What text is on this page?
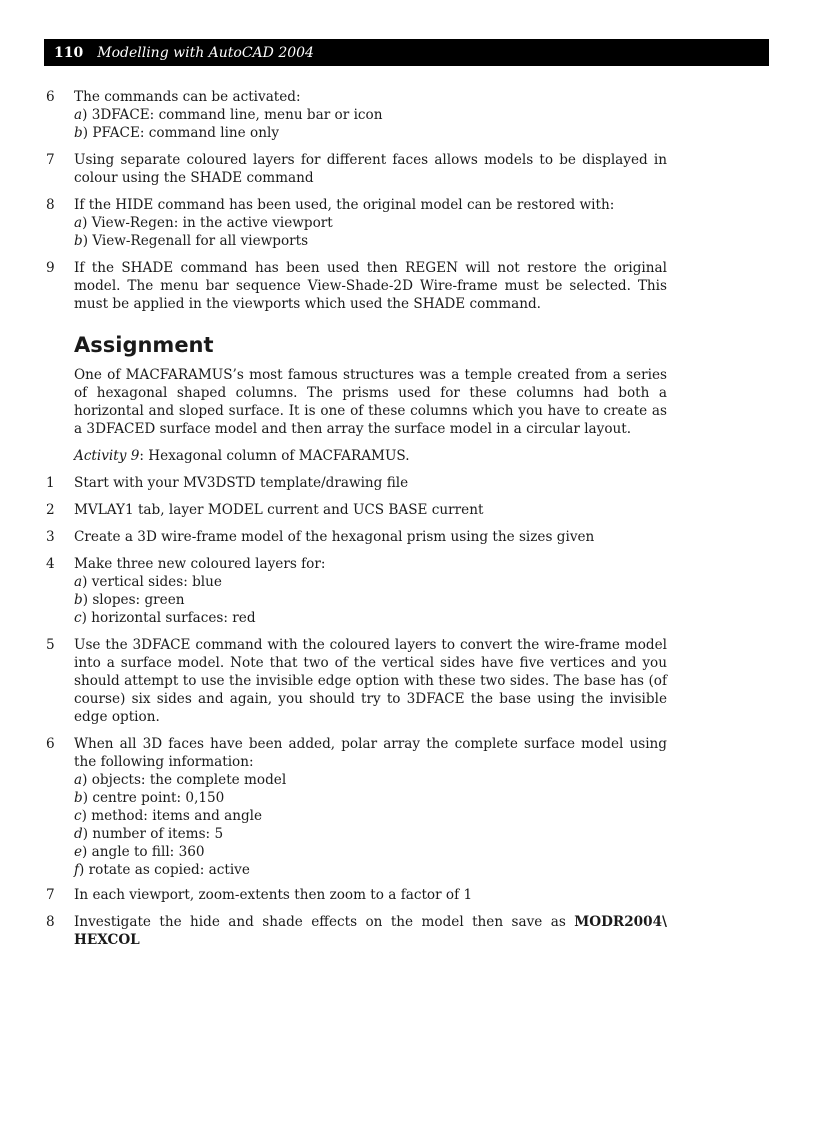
110 Modelling with AutoCAD 2004
6 The commands can be activated:
a) 3DFACE: command line, menu bar or icon
b) PFACE: command line only
7 Using separate coloured layers for different faces allows models to be displayed in colour using the SHADE command
8 If the HIDE command has been used, the original model can be restored with:
a) View-Regen: in the active viewport
b) View-Regenall for all viewports
9 If the SHADE command has been used then REGEN will not restore the original model. The menu bar sequence View-Shade-2D Wire-frame must be selected. This must be applied in the viewports which used the SHADE command.
Assignment
One of MACFARAMUS’s most famous structures was a temple created from a series of hexagonal shaped columns. The prisms used for these columns had both a horizontal and sloped surface. It is one of these columns which you have to create as a 3DFACED surface model and then array the surface model in a circular layout.
Activity 9: Hexagonal column of MACFARAMUS.
1 Start with your MV3DSTD template/drawing file
2 MVLAY1 tab, layer MODEL current and UCS BASE current
3 Create a 3D wire-frame model of the hexagonal prism using the sizes given
4 Make three new coloured layers for:
a) vertical sides: blue
b) slopes: green
c) horizontal surfaces: red
5 Use the 3DFACE command with the coloured layers to convert the wire-frame model into a surface model. Note that two of the vertical sides have five vertices and you should attempt to use the invisible edge option with these two sides. The base has (of course) six sides and again, you should try to 3DFACE the base using the invisible edge option.
6 When all 3D faces have been added, polar array the complete surface model using the following information:
a) objects: the complete model
b) centre point: 0,150
c) method: items and angle
d) number of items: 5
e) angle to fill: 360
f) rotate as copied: active
7 In each viewport, zoom-extents then zoom to a factor of 1
8 Investigate the hide and shade effects on the model then save as MODR2004\ HEXCOL
